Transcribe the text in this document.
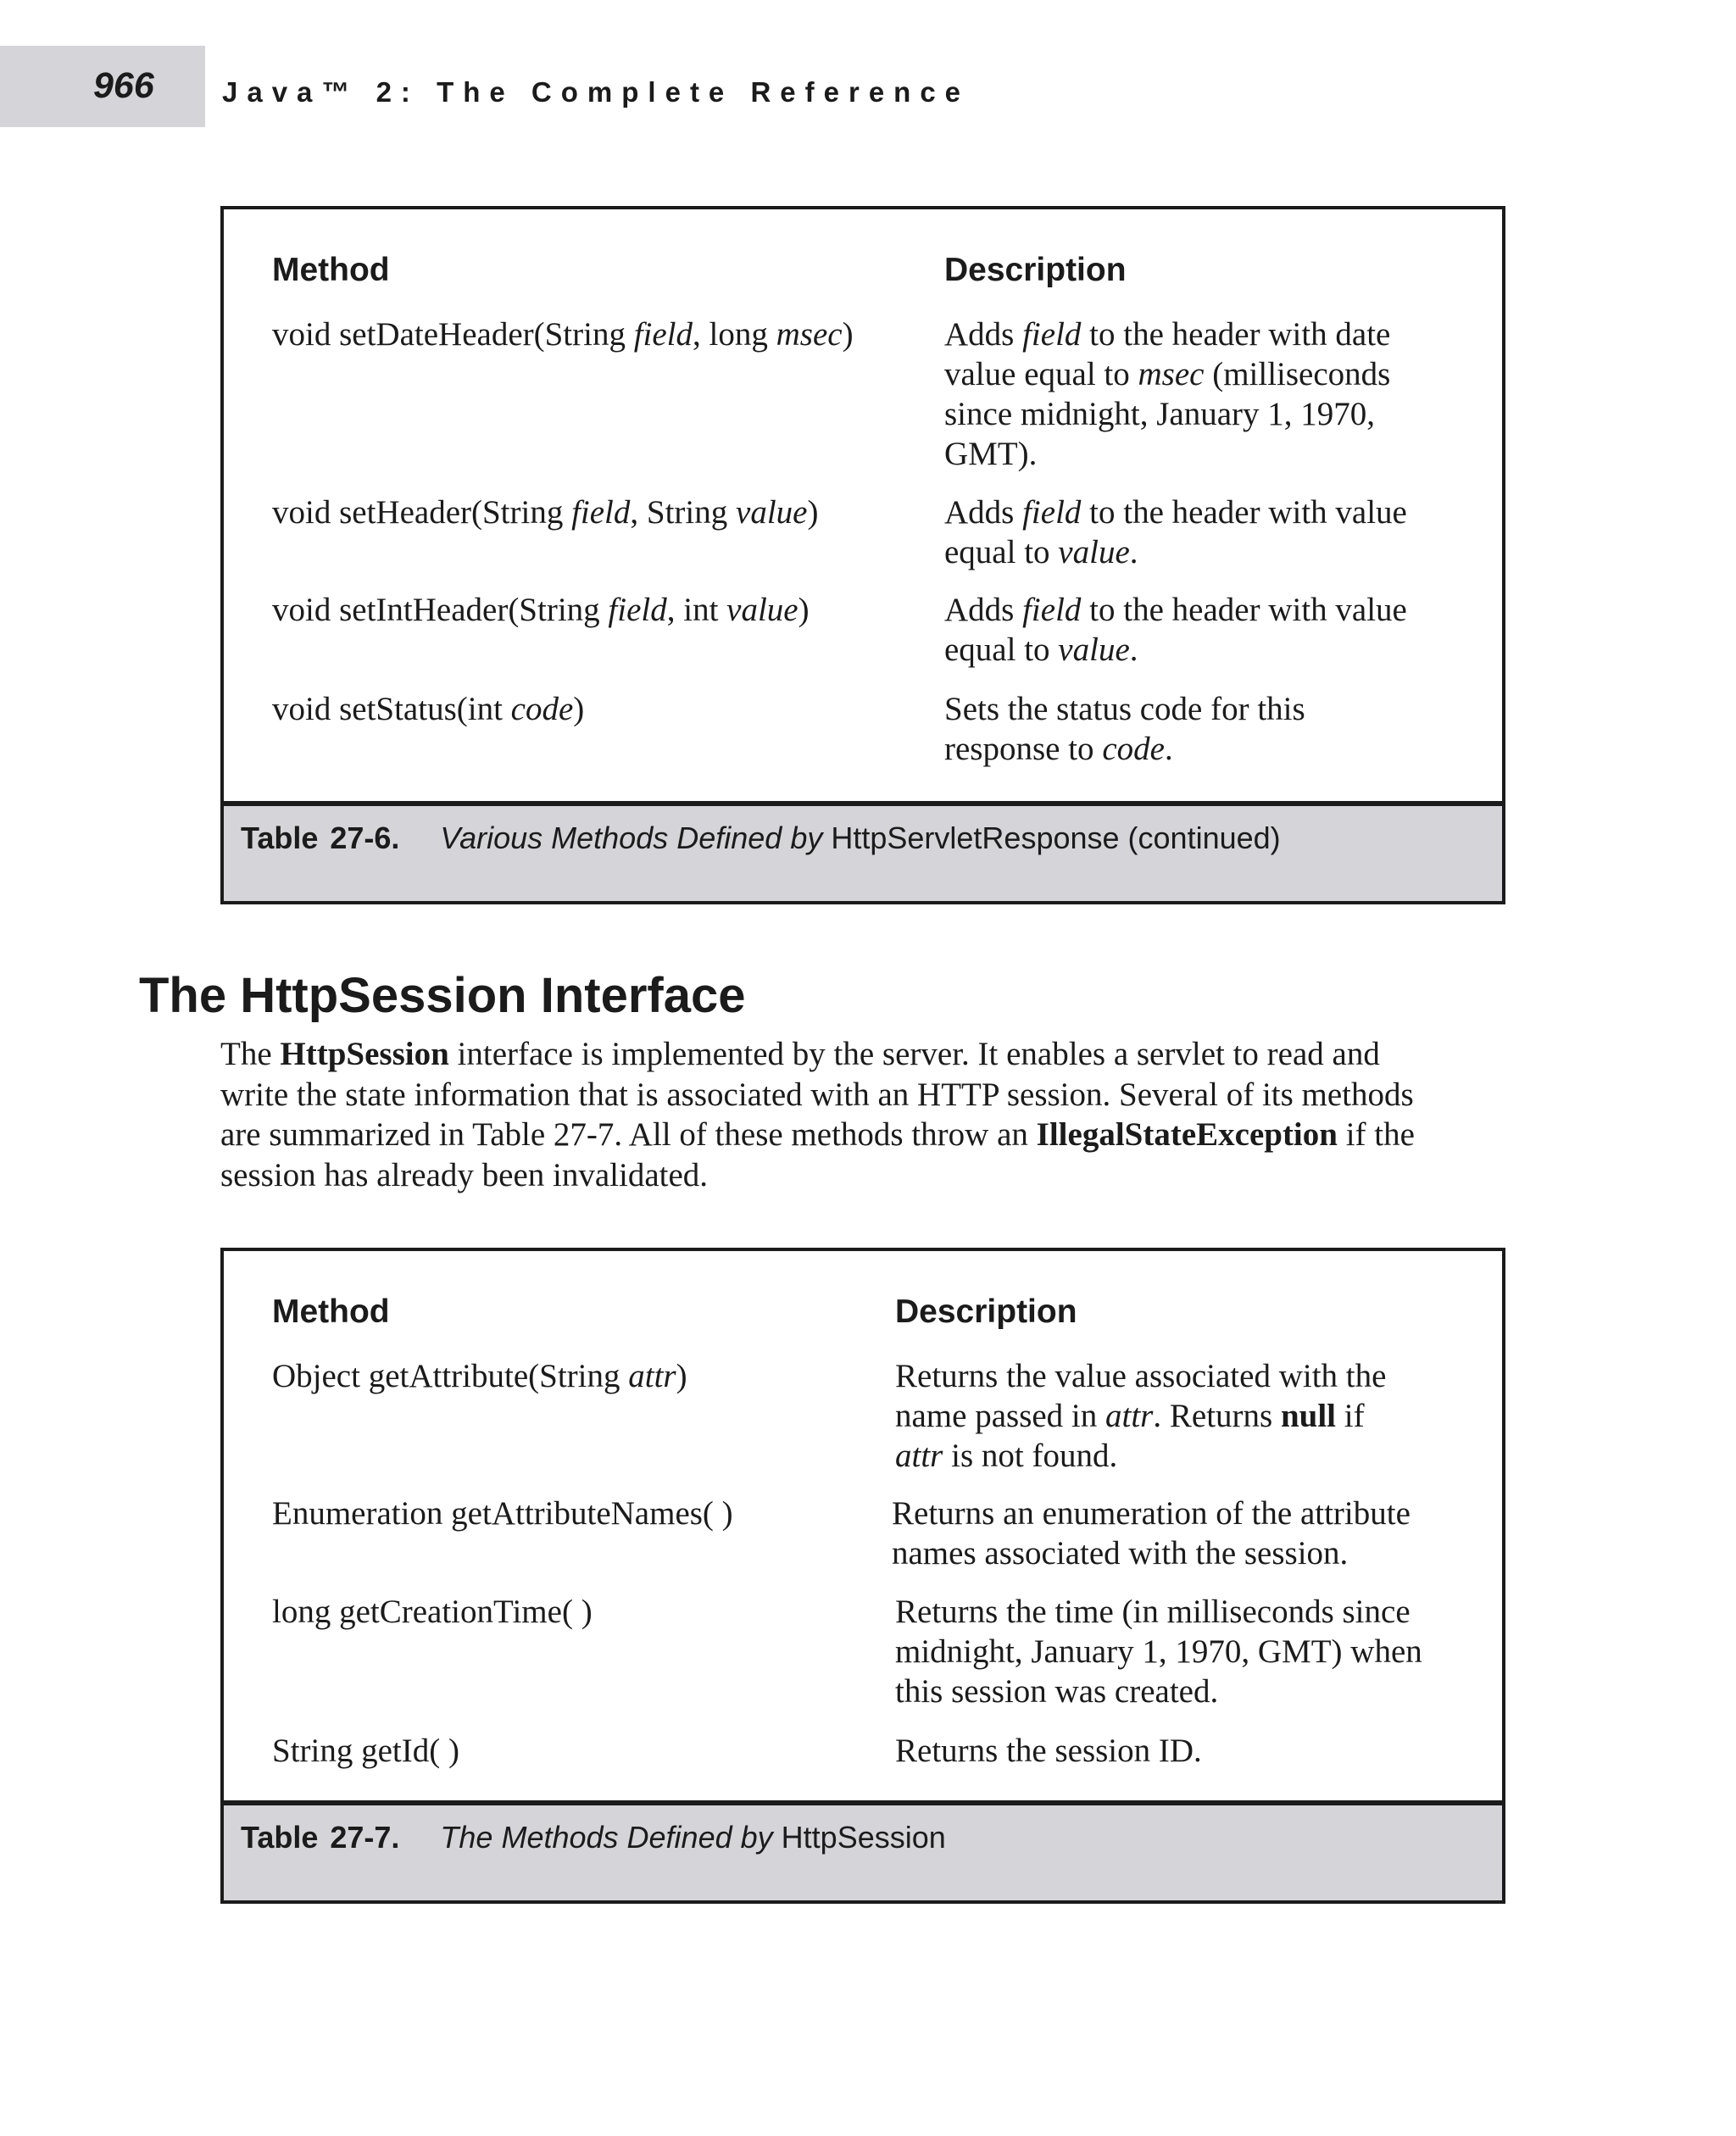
966 Java™ 2: The Complete Reference
Method	Description
void setDateHeader(String field, long msec)	Adds field to the header with date
value equal to msec (milliseconds
since midnight, January 1, 1970,
GMT).
void setHeader(String field, String value)	Adds field to the header with value
equal to value.
void setIntHeader(String field, int value)	Adds field to the header with value
equal to value.
void setStatus(int code)	Sets the status code for this
response to code.
Table 27-6. Various Methods Defined by HttpServletResponse (continued)
The HttpSession Interface
The HttpSession interface is implemented by the server. It enables a servlet to read and
write the state information that is associated with an HTTP session. Several of its methods
are summarized in Table 27-7. All of these methods throw an IllegalStateException if the
session has already been invalidated.
Method	Description
Object getAttribute(String attr)	Returns the value associated with the
name passed in attr. Returns null if
attr is not found.
Enumeration getAttributeNames( )	Returns an enumeration of the attribute
names associated with the session.
long getCreationTime( )	Returns the time (in milliseconds since
midnight, January 1, 1970, GMT) when
this session was created.
String getId( )	Returns the session ID.
Table 27-7. The Methods Defined by HttpSession
